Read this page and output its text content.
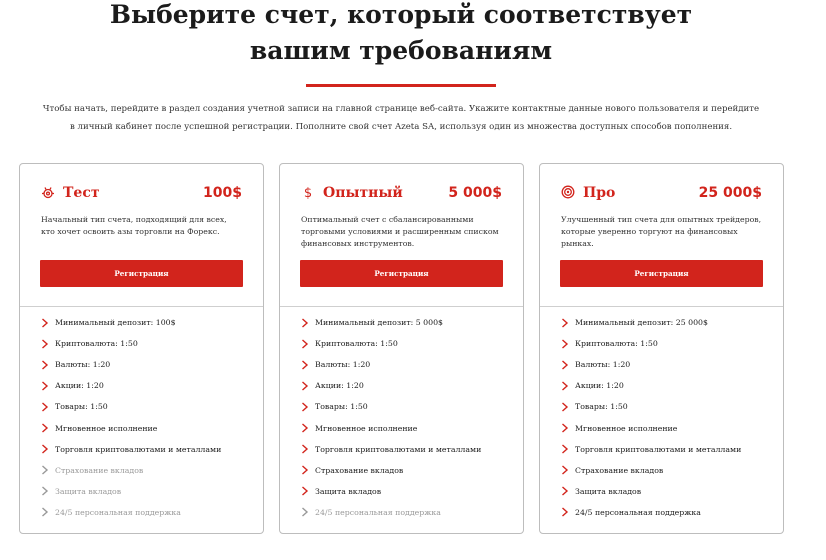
Выберите счет, который соответствует
вашим требованиям
Чтобы начать, перейдите в раздел создания учетной записи на главной странице веб-сайта. Укажите контактные данные нового пользователя и перейдите
в личный кабинет после успешной регистрации. Пополните свой счет Azeta SA, используя один из множества доступных способов пополнения.
Тест	100$
Начальный тип счета, подходящий для всех, кто хочет освоить азы торговли на Форекс.
Регистрация
Минимальный депозит: 100$
Криптовалюта: 1:50
Валюты: 1:20
Акции: 1:20
Товары: 1:50
Мгновенное исполнение
Торговля криптовалютами и металлами
Страхование вкладов
Защита вкладов
24/5 персональная поддержка
$ Опытный	5 000$
Оптимальный счет с сбалансированными торговыми условиями и расширенным списком финансовых инструментов.
Регистрация
Минимальный депозит: 5 000$
Криптовалюта: 1:50
Валюты: 1:20
Акции: 1:20
Товары: 1:50
Мгновенное исполнение
Торговля криптовалютами и металлами
Страхование вкладов
Защита вкладов
24/5 персональная поддержка
Про	25 000$
Улучшенный тип счета для опытных трейдеров, которые уверенно торгуют на финансовых рынках.
Регистрация
Минимальный депозит: 25 000$
Криптовалюта: 1:50
Валюты: 1:20
Акции: 1:20
Товары: 1:50
Мгновенное исполнение
Торговля криптовалютами и металлами
Страхование вкладов
Защита вкладов
24/5 персональная поддержка
